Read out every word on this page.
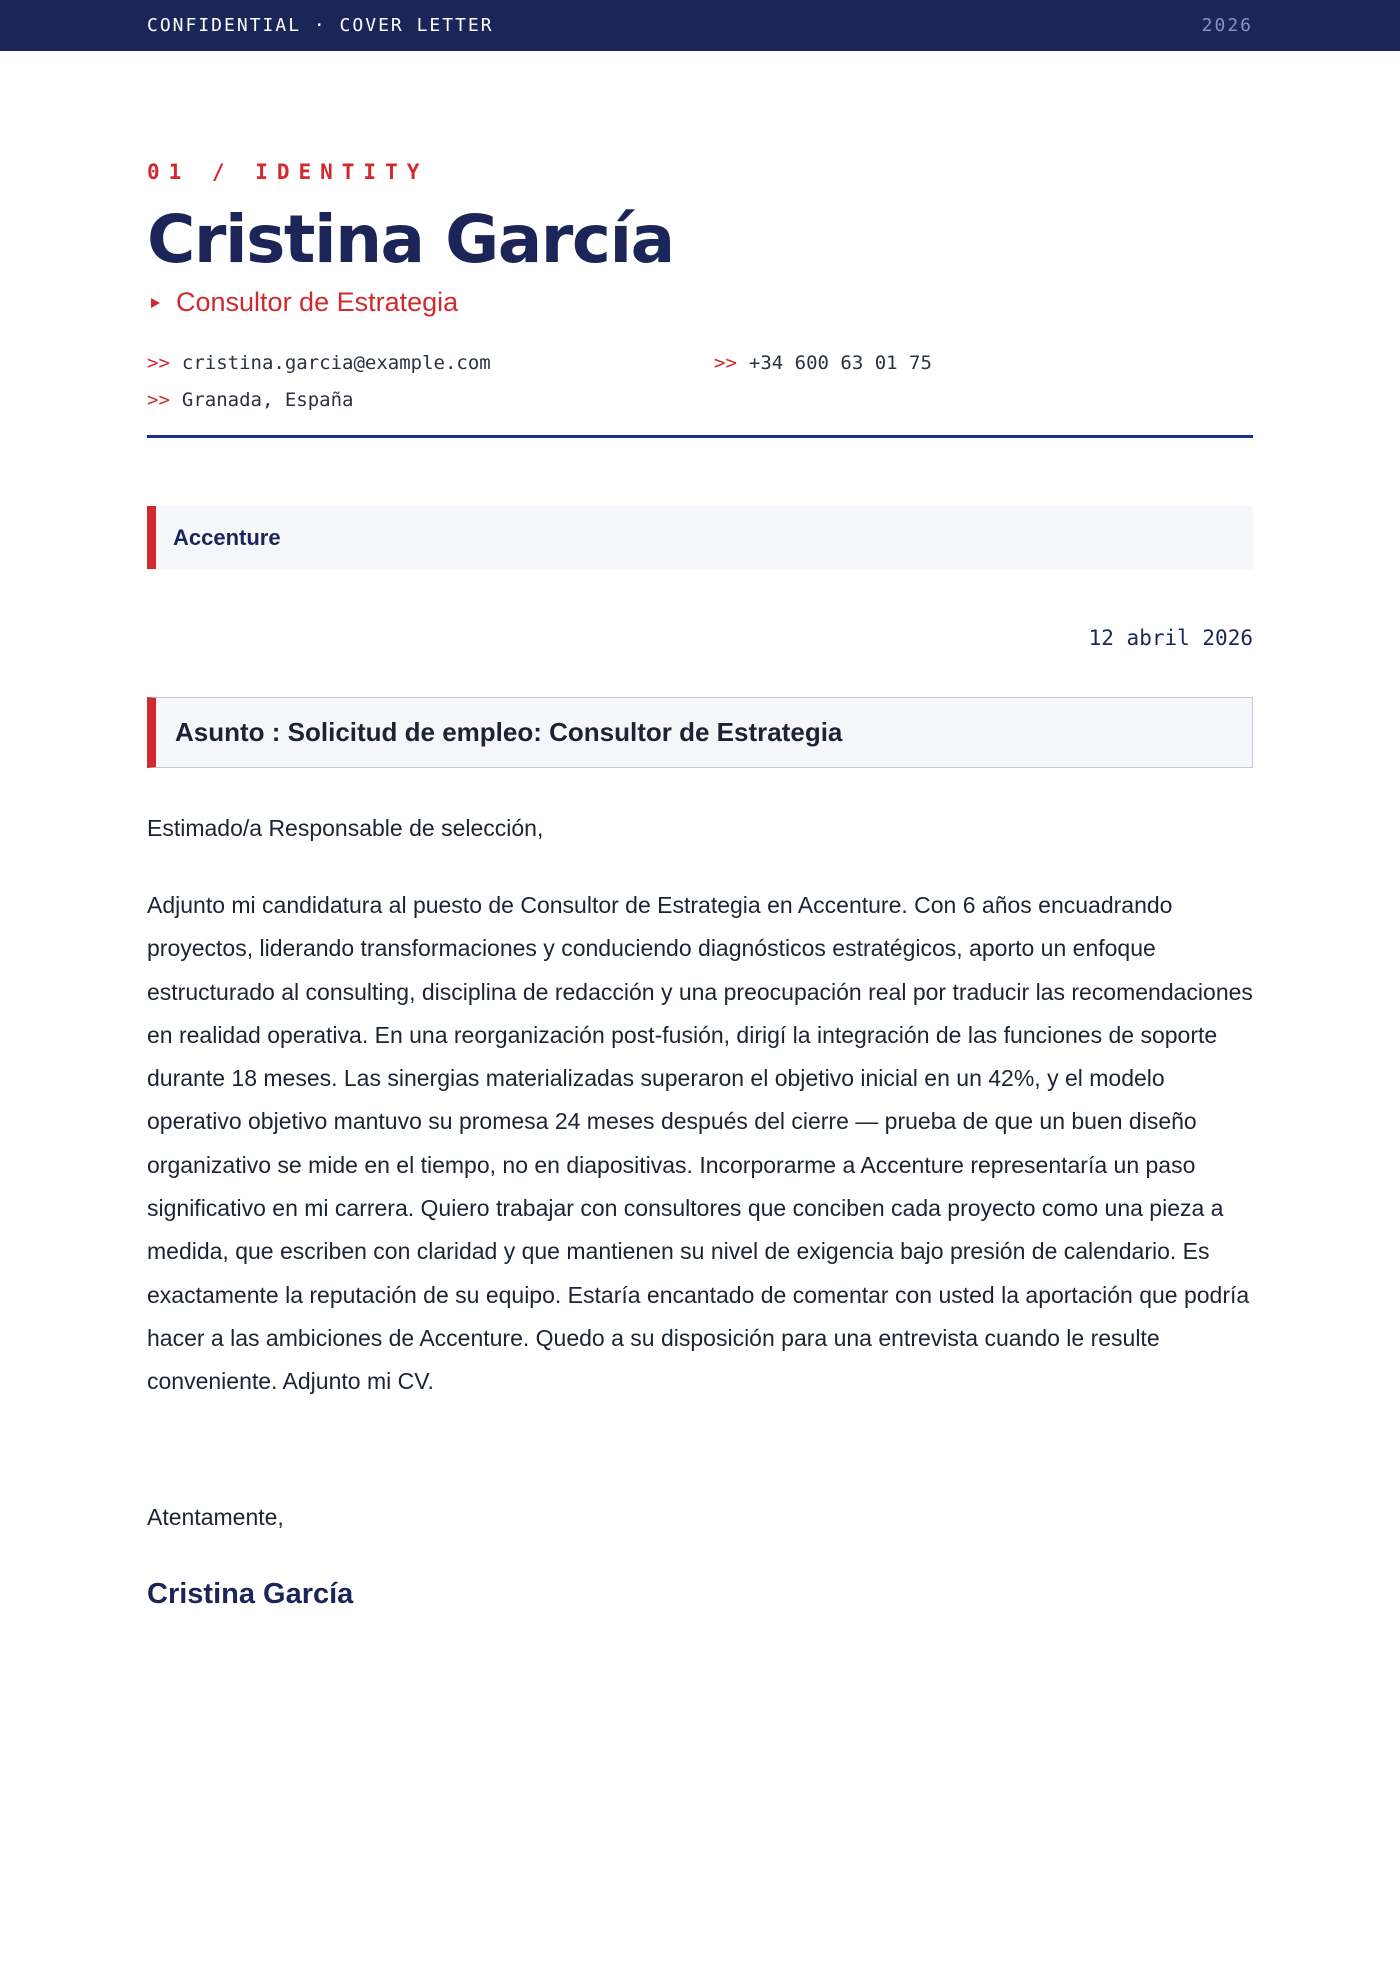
CONFIDENTIAL · COVER LETTER	2026
01 / IDENTITY
Cristina García
Consultor de Estrategia
>> cristina.garcia@example.com	>> +34 600 63 01 75
>> Granada, España
Accenture
12 abril 2026
Asunto : Solicitud de empleo: Consultor de Estrategia

Estimado/a Responsable de selección,

Adjunto mi candidatura al puesto de Consultor de Estrategia en Accenture. Con 6 años encuadrando proyectos, liderando transformaciones y conduciendo diagnósticos estratégicos, aporto un enfoque estructurado al consulting, disciplina de redacción y una preocupación real por traducir las recomendaciones en realidad operativa. En una reorganización post-fusión, dirigí la integración de las funciones de soporte durante 18 meses. Las sinergias materializadas superaron el objetivo inicial en un 42%, y el modelo operativo objetivo mantuvo su promesa 24 meses después del cierre — prueba de que un buen diseño organizativo se mide en el tiempo, no en diapositivas. Incorporarme a Accenture representaría un paso significativo en mi carrera. Quiero trabajar con consultores que conciben cada proyecto como una pieza a medida, que escriben con claridad y que mantienen su nivel de exigencia bajo presión de calendario. Es exactamente la reputación de su equipo. Estaría encantado de comentar con usted la aportación que podría hacer a las ambiciones de Accenture. Quedo a su disposición para una entrevista cuando le resulte conveniente. Adjunto mi CV.

Atentamente,

Cristina García
